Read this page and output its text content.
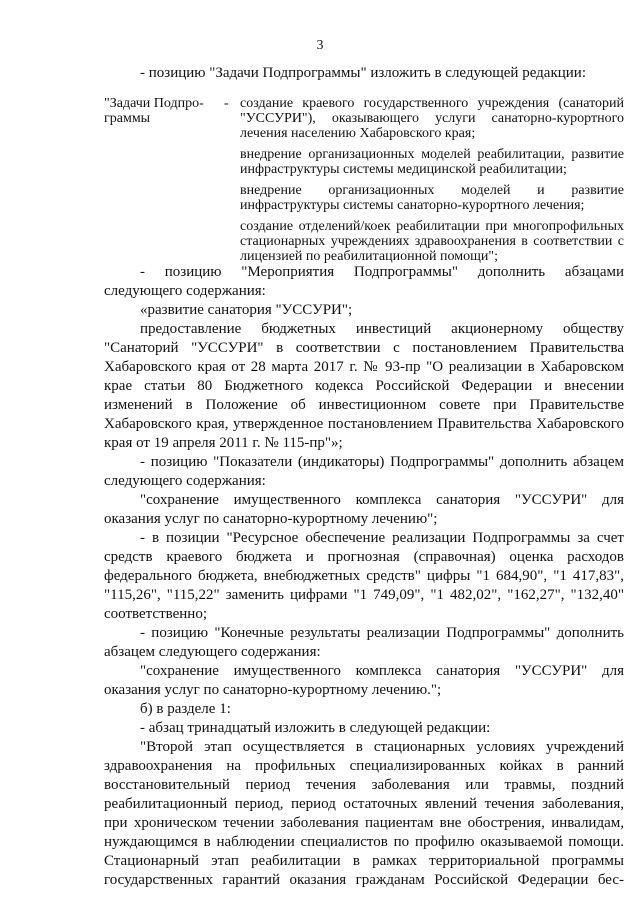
3
- позицию "Задачи Подпрограммы" изложить в следующей редакции:
"Задачи Подпро-граммы
- создание краевого государственного учреждения (санаторий "УССУРИ"), оказывающего услуги санаторно-курортного лечения населению Хабаровского края;

внедрение организационных моделей реабилитации, развитие инфраструктуры системы медицинской реабилитации;

внедрение организационных моделей и развитие инфраструктуры системы санаторно-курортного лечения;

создание отделений/коек реабилитации при многопрофильных стационарных учреждениях здравоохранения в соответствии с лицензией по реабилитационной помощи";

- позицию "Мероприятия Подпрограммы" дополнить абзацами следующего содержания:

«развитие санатория "УССУРИ";

предоставление бюджетных инвестиций акционерному обществу "Санаторий "УССУРИ" в соответствии с постановлением Правительства Хабаровского края от 28 марта 2017 г. № 93-пр "О реализации в Хабаровском крае статьи 80 Бюджетного кодекса Российской Федерации и внесении изменений в Положение об инвестиционном совете при Правительстве Хабаровского края, утвержденное постановлением Правительства Хабаровского края от 19 апреля 2011 г. № 115-пр"»;

- позицию "Показатели (индикаторы) Подпрограммы" дополнить абзацем следующего содержания:

"сохранение имущественного комплекса санатория "УССУРИ" для оказания услуг по санаторно-курортному лечению";

- в позиции "Ресурсное обеспечение реализации Подпрограммы за счет средств краевого бюджета и прогнозная (справочная) оценка расходов федерального бюджета, внебюджетных средств" цифры "1 684,90", "1 417,83", "115,26", "115,22" заменить цифрами "1 749,09", "1 482,02", "162,27", "132,40" соответственно;

- позицию "Конечные результаты реализации Подпрограммы" дополнить абзацем следующего содержания:

"сохранение имущественного комплекса санатория "УССУРИ" для оказания услуг по санаторно-курортному лечению.";

б) в разделе 1:

- абзац тринадцатый изложить в следующей редакции:

"Второй этап осуществляется в стационарных условиях учреждений здравоохранения на профильных специализированных койках в ранний восстановительный период течения заболевания или травмы, поздний реабилитационный период, период остаточных явлений течения заболевания, при хроническом течении заболевания пациентам вне обострения, инвалидам, нуждающимся в наблюдении специалистов по профилю оказываемой помощи. Стационарный этап реабилитации в рамках территориальной программы государственных гарантий оказания гражданам Российской Федерации бес-
